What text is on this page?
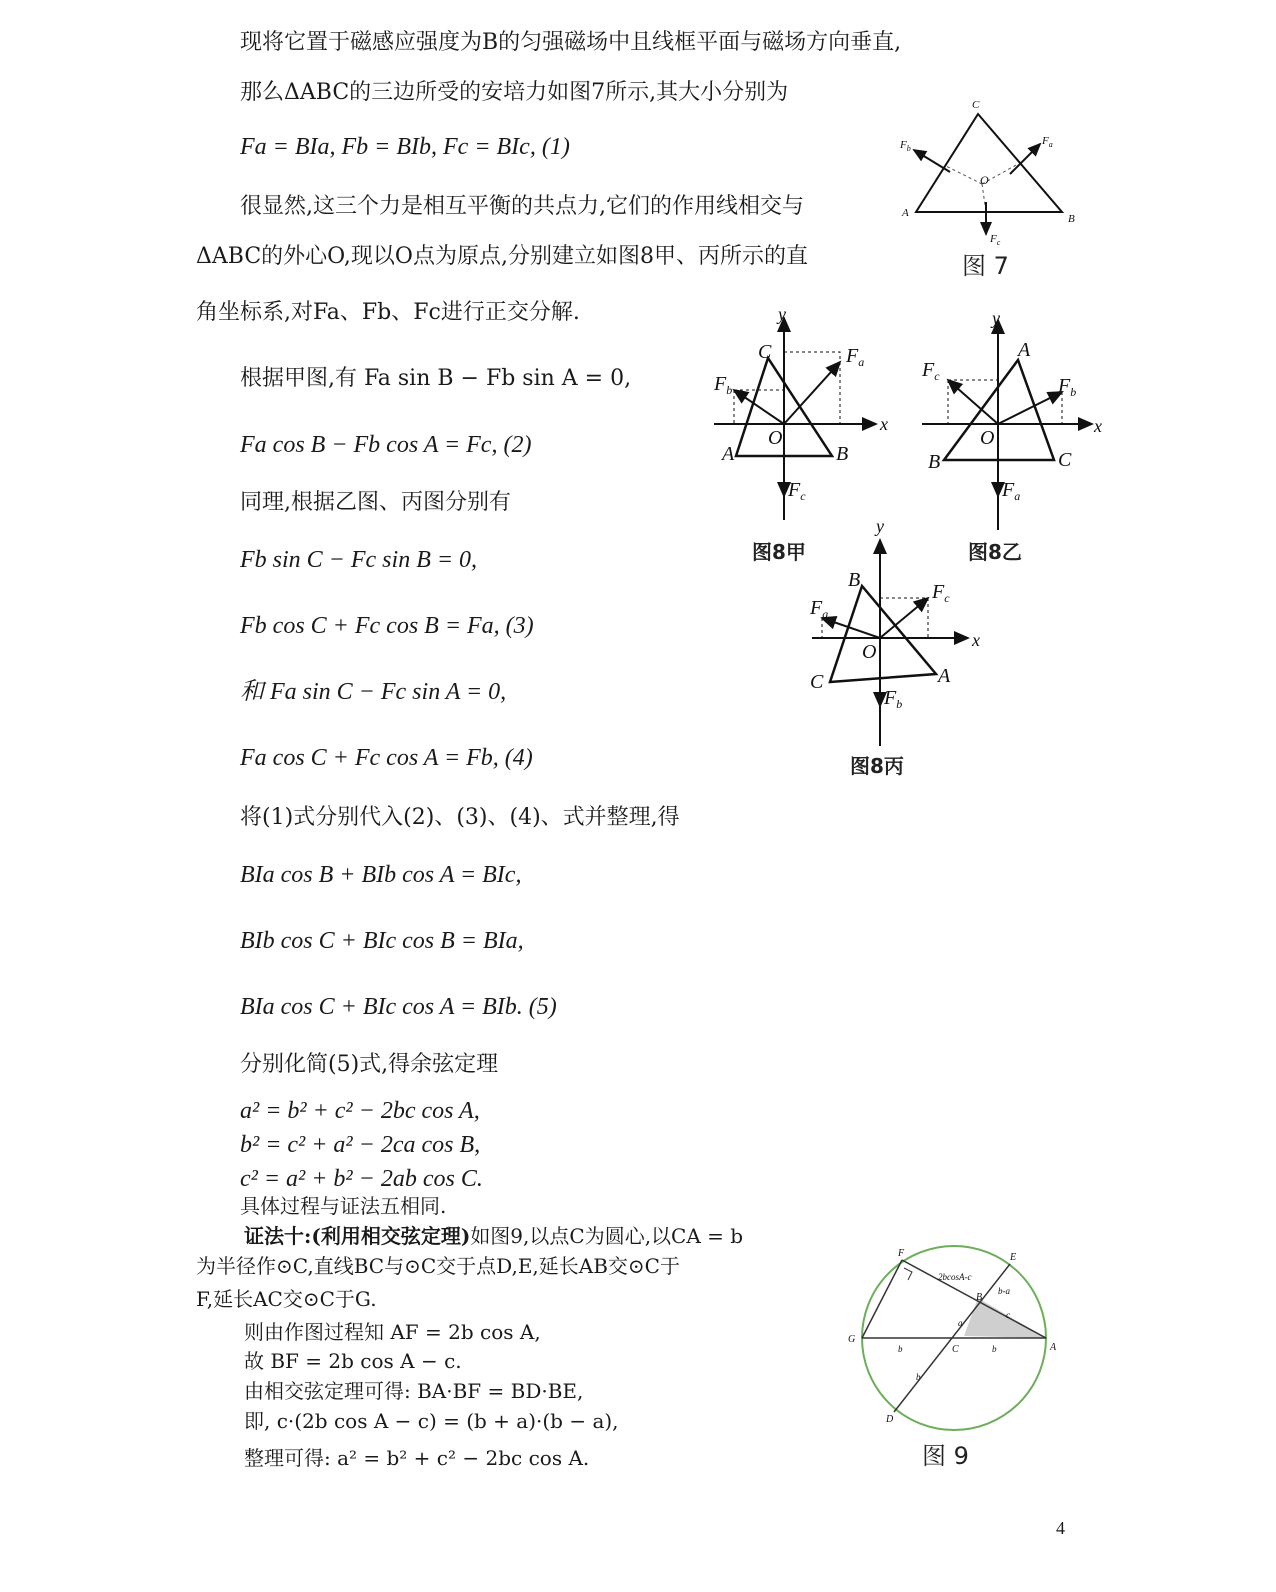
现将它置于磁感应强度为B的匀强磁场中且线框平面与磁场方向垂直,
那么ΔABC的三边所受的安培力如图7所示,其大小分别为
Fa = BIa, Fb = BIb, Fc = BIc, (1)
很显然,这三个力是相互平衡的共点力,它们的作用线相交与
ΔABC的外心O,现以O点为原点,分别建立如图8甲、丙所示的直
角坐标系,对Fa、Fb、Fc进行正交分解.
根据甲图,有 Fa sin B − Fb sin A = 0,
Fa cos B − Fb cos A = Fc, (2)
同理,根据乙图、丙图分别有
Fb sin C − Fc sin B = 0,
Fb cos C + Fc cos B = Fa, (3)
和 Fa sin C − Fc sin A = 0,
Fa cos C + Fc cos A = Fb, (4)
将(1)式分别代入(2)、(3)、(4)、式并整理,得
BIa cos B + BIb cos A = BIc,
BIb cos C + BIc cos B = BIa,
BIa cos C + BIc cos A = BIb. (5)
分别化简(5)式,得余弦定理
a² = b² + c² − 2bc cos A,
b² = c² + a² − 2ca cos B,
c² = a² + b² − 2ab cos C.
具体过程与证法五相同.
证法十:(利用相交弦定理)如图9,以点C为圆心,以CA = b
为半径作⊙C,直线BC与⊙C交于点D,E,延长AB交⊙C于
F,延长AC交⊙C于G.
则由作图过程知 AF = 2b cos A,
故 BF = 2b cos A − c.
由相交弦定理可得: BA·BF = BD·BE,
即, c·(2b cos A − c) = (b + a)·(b − a),
整理可得: a² = b² + c² − 2bc cos A.
C
A	B
O
$F_a$
$F_b$
$F_c$
图 7
y
x
C
A	B
O
$F_a$
$F_b$
$F_c$
图8甲
y
x
A
B	C
O
$F_c$	$F_b$
$F_a$
图8乙
y
x
B
C	A
O
$F_c$
$F_a$
$F_b$
图8丙
F	E
B
G
C	A
D
2bcosA-c
b-a
c
a
b	b
b
图 9
4
